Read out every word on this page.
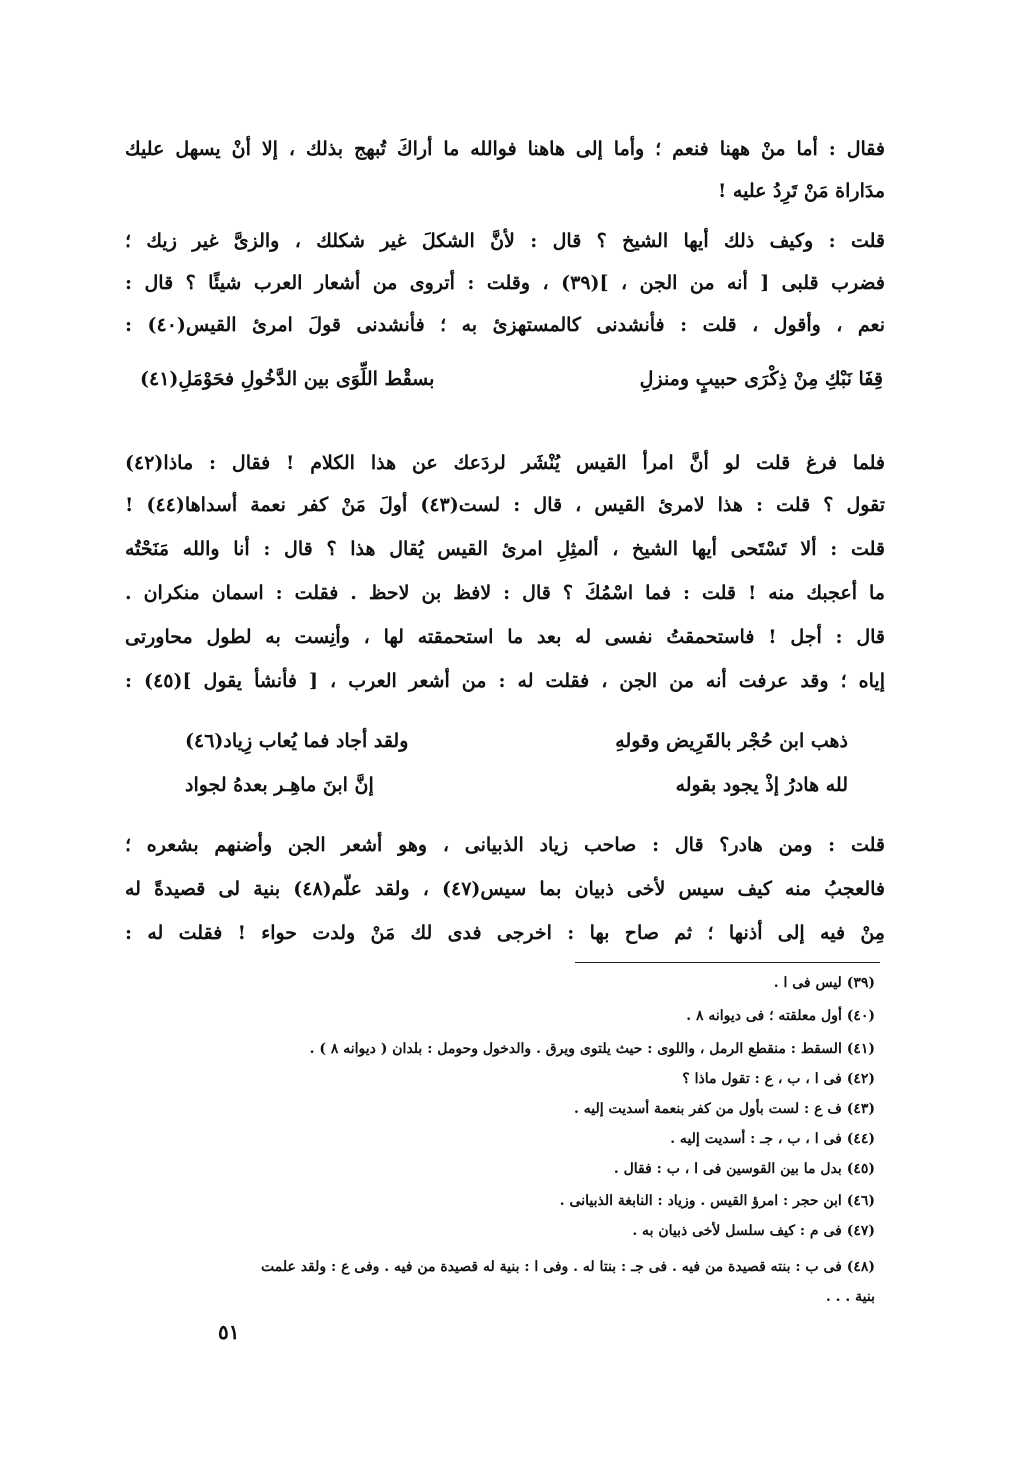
فقال : أما منْ ههنا فنعم ؛ وأما إلى هاهنا فوالله ما أراكَ تُبهج بذلك ، إلا أنْ يسهل عليك
مدَاراة مَنْ تَرِدُ عليه !
قلت : وكيف ذلك أيها الشيخ ؟ قال : لأنَّ الشكلَ غير شكلك ، والزىَّ غير زيك ؛
فضرب قلبى [ أنه من الجن ، ](٣٩) ، وقلت : أتروى من أشعار العرب شيئًا ؟ قال :
نعم ، وأقول ، قلت : فأنشدنى كالمستهزئ به ؛ فأنشدنى قولَ امرئ القيس(٤٠) :
قِفَا نَبْكِ مِنْ ذِكْرَى حبيبٍ ومنزلِ
بسقْط اللِّوَى بين الدَّخُولِ فحَوْمَلِ(٤١)
فلما فرغ قلت لو أنَّ امرأ القيس يُنْشَر لردَعك عن هذا الكلام ! فقال : ماذا(٤٢)
تقول ؟ قلت : هذا لامرئ القيس ، قال : لست(٤٣) أولَ مَنْ كفر نعمة أسداها(٤٤) !
قلت : ألا تَسْتَحى أيها الشيخ ، ألمثِلِ امرئ القيس يُقال هذا ؟ قال : أنا والله مَنَحْتُه
ما أعجبك منه ! قلت : فما اسْمُكَ ؟ قال : لافظ بن لاحظ . فقلت : اسمان منكران .
قال : أجل ! فاستحمقتُ نفسى له بعد ما استحمقته لها ، وأنِست به لطول محاورتى
إياه ؛ وقد عرفت أنه من الجن ، فقلت له : من أشعر العرب ، [ فأنشأ يقول ](٤٥) :
ذهب ابن حُجْر بالقَرِيض وقولهِ
ولقد أجاد فما يُعاب زِياد(٤٦)
لله هادرُ إذْ يجود بقوله
إنَّ ابنَ ماهِـر بعدهُ لجواد
قلت : ومن هادر؟ قال : صاحب زياد الذبيانى ، وهو أشعر الجن وأضنهم بشعره ؛
فالعجبُ منه كيف سيس لأخى ذبيان بما سيس(٤٧) ، ولقد علَّم(٤٨) بنية لى قصيدةً له
مِنْ فيه إلى أذنها ؛ ثم صاح بها : اخرجى فدى لك مَنْ ولدت حواء ! فقلت له :
(٣٩) ليس فى ا .
(٤٠) أول معلقته ؛ فى ديوانه ٨ .
(٤١) السقط : منقطع الرمل ، واللوى : حيث يلتوى ويرق . والدخول وحومل : بلدان ( ديوانه ٨ ) .
(٤٢) فى ا ، ب ، ع : تقول ماذا ؟
(٤٣) ف ع : لست بأول من كفر بنعمة أسديت إليه .
(٤٤) فى ا ، ب ، جـ : أسديت إليه .
(٤٥) بدل ما بين القوسين فى ا ، ب : فقال .
(٤٦) ابن حجر : امرؤ القيس . وزياد : النابغة الذبيانى .
(٤٧) فى م : كيف سلسل لأخى ذبيان به .
(٤٨) فى ب : بنته قصيدة من فيه . فى جـ : بنتا له . وفى ا : بنية له قصيدة من فيه . وفى ع : ولقد علمت
بنية . . .
٥١
